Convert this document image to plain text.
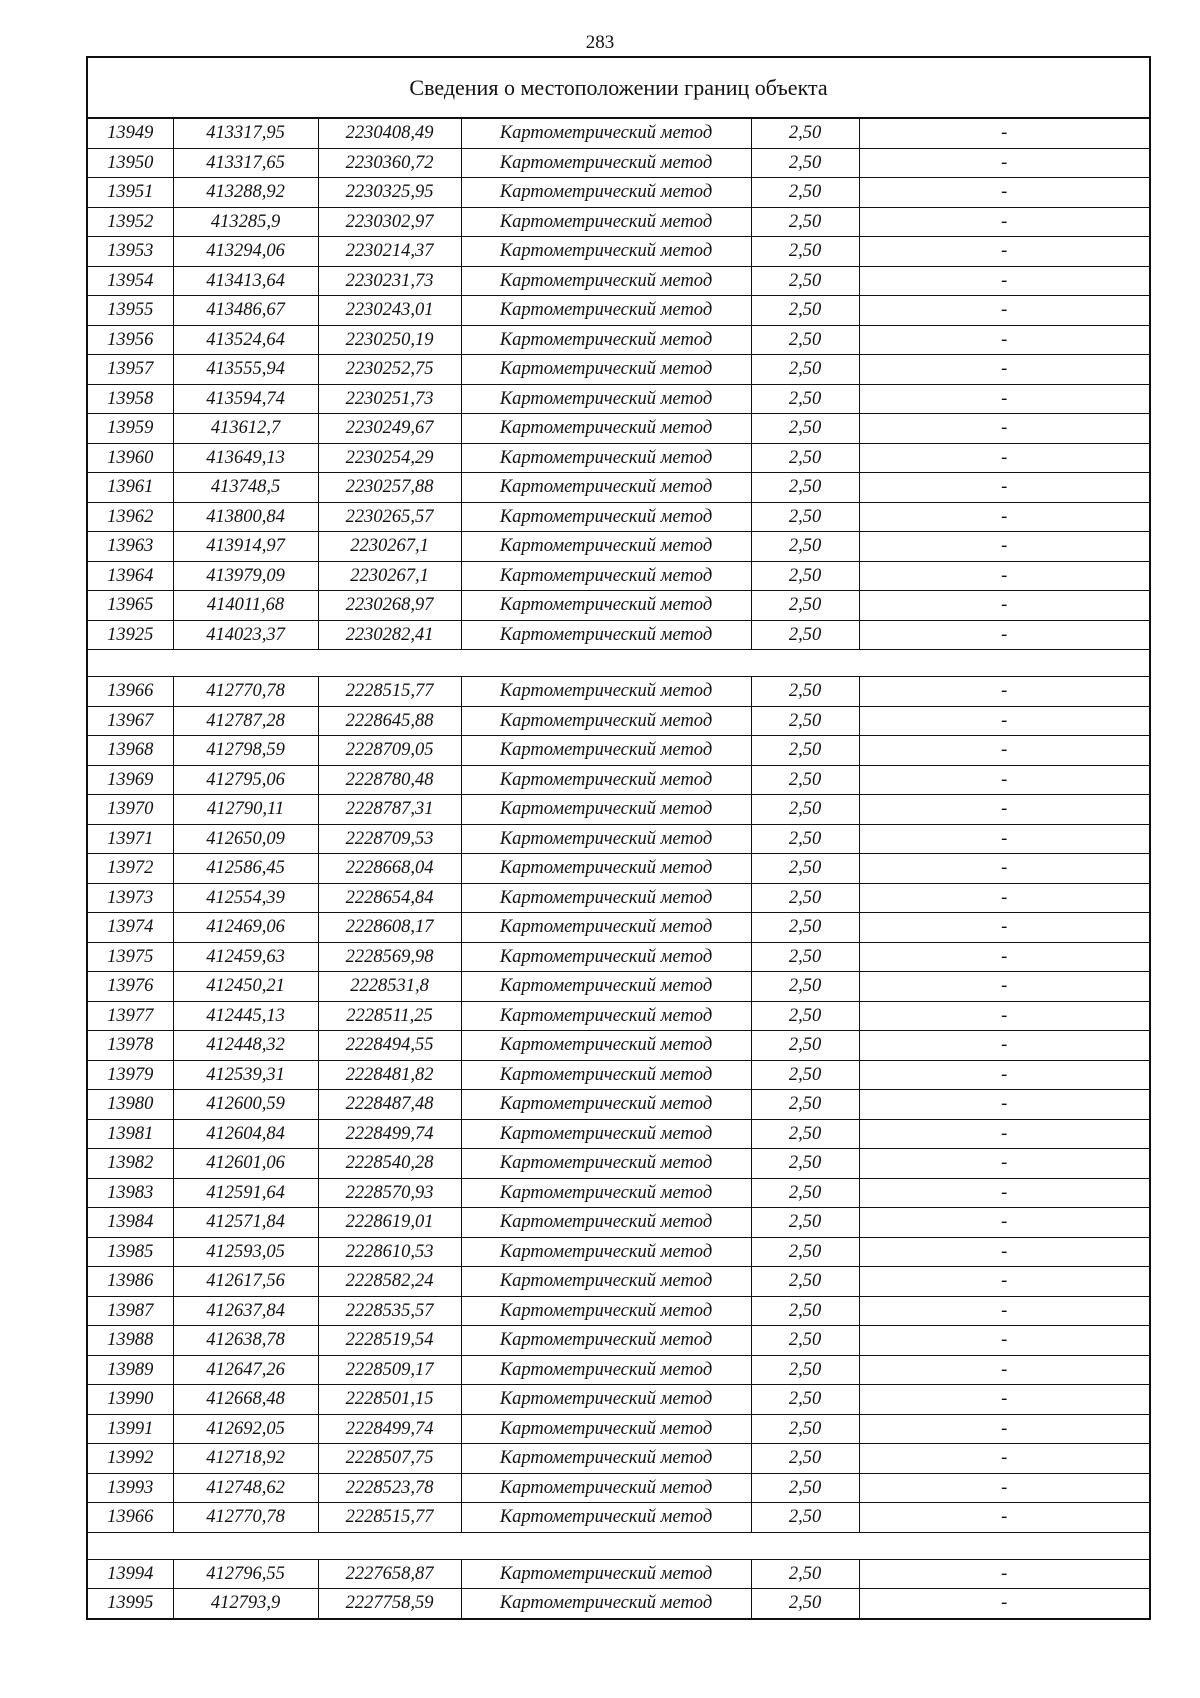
283
Сведения о местоположении границ объекта					
13949	413317,95	2230408,49	Картометрический метод	2,50	-
13950	413317,65	2230360,72	Картометрический метод	2,50	-
13951	413288,92	2230325,95	Картометрический метод	2,50	-
13952	413285,9	2230302,97	Картометрический метод	2,50	-
13953	413294,06	2230214,37	Картометрический метод	2,50	-
13954	413413,64	2230231,73	Картометрический метод	2,50	-
13955	413486,67	2230243,01	Картометрический метод	2,50	-
13956	413524,64	2230250,19	Картометрический метод	2,50	-
13957	413555,94	2230252,75	Картометрический метод	2,50	-
13958	413594,74	2230251,73	Картометрический метод	2,50	-
13959	413612,7	2230249,67	Картометрический метод	2,50	-
13960	413649,13	2230254,29	Картометрический метод	2,50	-
13961	413748,5	2230257,88	Картометрический метод	2,50	-
13962	413800,84	2230265,57	Картометрический метод	2,50	-
13963	413914,97	2230267,1	Картометрический метод	2,50	-
13964	413979,09	2230267,1	Картометрический метод	2,50	-
13965	414011,68	2230268,97	Картометрический метод	2,50	-
13925	414023,37	2230282,41	Картометрический метод	2,50	-

13966	412770,78	2228515,77	Картометрический метод	2,50	-
13967	412787,28	2228645,88	Картометрический метод	2,50	-
13968	412798,59	2228709,05	Картометрический метод	2,50	-
13969	412795,06	2228780,48	Картометрический метод	2,50	-
13970	412790,11	2228787,31	Картометрический метод	2,50	-
13971	412650,09	2228709,53	Картометрический метод	2,50	-
13972	412586,45	2228668,04	Картометрический метод	2,50	-
13973	412554,39	2228654,84	Картометрический метод	2,50	-
13974	412469,06	2228608,17	Картометрический метод	2,50	-
13975	412459,63	2228569,98	Картометрический метод	2,50	-
13976	412450,21	2228531,8	Картометрический метод	2,50	-
13977	412445,13	2228511,25	Картометрический метод	2,50	-
13978	412448,32	2228494,55	Картометрический метод	2,50	-
13979	412539,31	2228481,82	Картометрический метод	2,50	-
13980	412600,59	2228487,48	Картометрический метод	2,50	-
13981	412604,84	2228499,74	Картометрический метод	2,50	-
13982	412601,06	2228540,28	Картометрический метод	2,50	-
13983	412591,64	2228570,93	Картометрический метод	2,50	-
13984	412571,84	2228619,01	Картометрический метод	2,50	-
13985	412593,05	2228610,53	Картометрический метод	2,50	-
13986	412617,56	2228582,24	Картометрический метод	2,50	-
13987	412637,84	2228535,57	Картометрический метод	2,50	-
13988	412638,78	2228519,54	Картометрический метод	2,50	-
13989	412647,26	2228509,17	Картометрический метод	2,50	-
13990	412668,48	2228501,15	Картометрический метод	2,50	-
13991	412692,05	2228499,74	Картометрический метод	2,50	-
13992	412718,92	2228507,75	Картометрический метод	2,50	-
13993	412748,62	2228523,78	Картометрический метод	2,50	-
13966	412770,78	2228515,77	Картометрический метод	2,50	-

13994	412796,55	2227658,87	Картометрический метод	2,50	-
13995	412793,9	2227758,59	Картометрический метод	2,50	-
